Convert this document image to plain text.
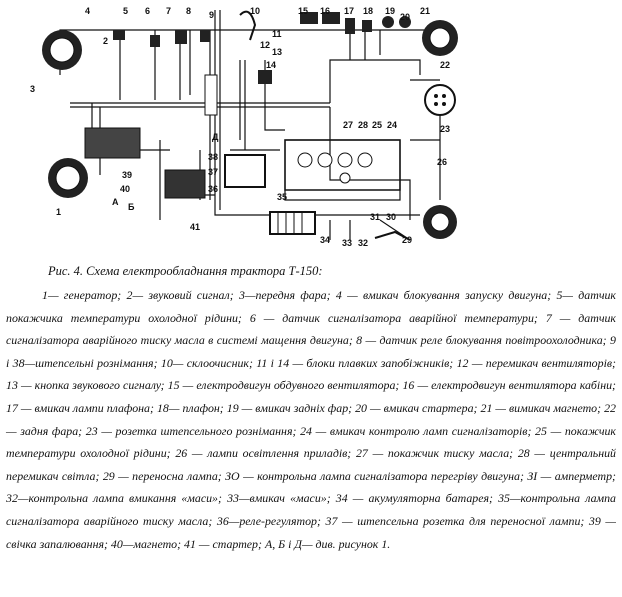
1
2
3
4	5 6 7 8 9	10
11
12
13
14
15 16 17 18 19
20
21
22
23
24
25
26
27 28
29
30
31
32
33
34
35
36
37
38
39
40
41
А Б
Д
Рис. 4. Схема електрообладнання трактора Т-150:
1— генератор; 2— звуковий сигнал; 3—передня фара; 4 — вмикач блокування запуску двигуна; 5— датчик покажчика температури охолодної рідини; 6 — датчик сигналізатора аварійної температури; 7 — датчик сигналізатора аварійного тиску масла в системі мащення двигуна; 8 — датчик реле блокування повітроохолодника; 9 і 38—штепсельні рознімання; 10— склоочисник; 11 і 14 — блоки плавких запобіжників; 12 — перемикач вентиляторів; 13 — кнопка звукового сигналу; 15 — електродвигун обдувного вентилятора; 16 — електродвигун вентилятора кабіни; 17 — вмикач лампи плафона; 18— плафон; 19 — вмикач задніх фар; 20 — вмикач стартера; 21 — вимикач магнето; 22 — задня фара; 23 — розетка штепсельного рознімання; 24 — вмикач контролю ламп сигналізаторів; 25 — покажчик температури охолодної рідини; 26 — лампи освітлення приладів; 27 — покажчик тиску масла; 28 — центральний перемикач світла; 29 — переносна лампа; ЗО — контрольна лампа сигналізатора перегріву двигуна; ЗІ — амперметр; 32—контрольна лампа вмикання «маси»; 33—вмикач «маси»; 34 — акумуляторна батарея; 35—контрольна лампа сигналізатора аварійного тиску масла; 36—реле-регулятор; 37 — штепсельна розетка для переносної лампи; 39 — свічка запалювання; 40—магнето; 41 — стартер; А, Б і Д— див. рисунок 1.
